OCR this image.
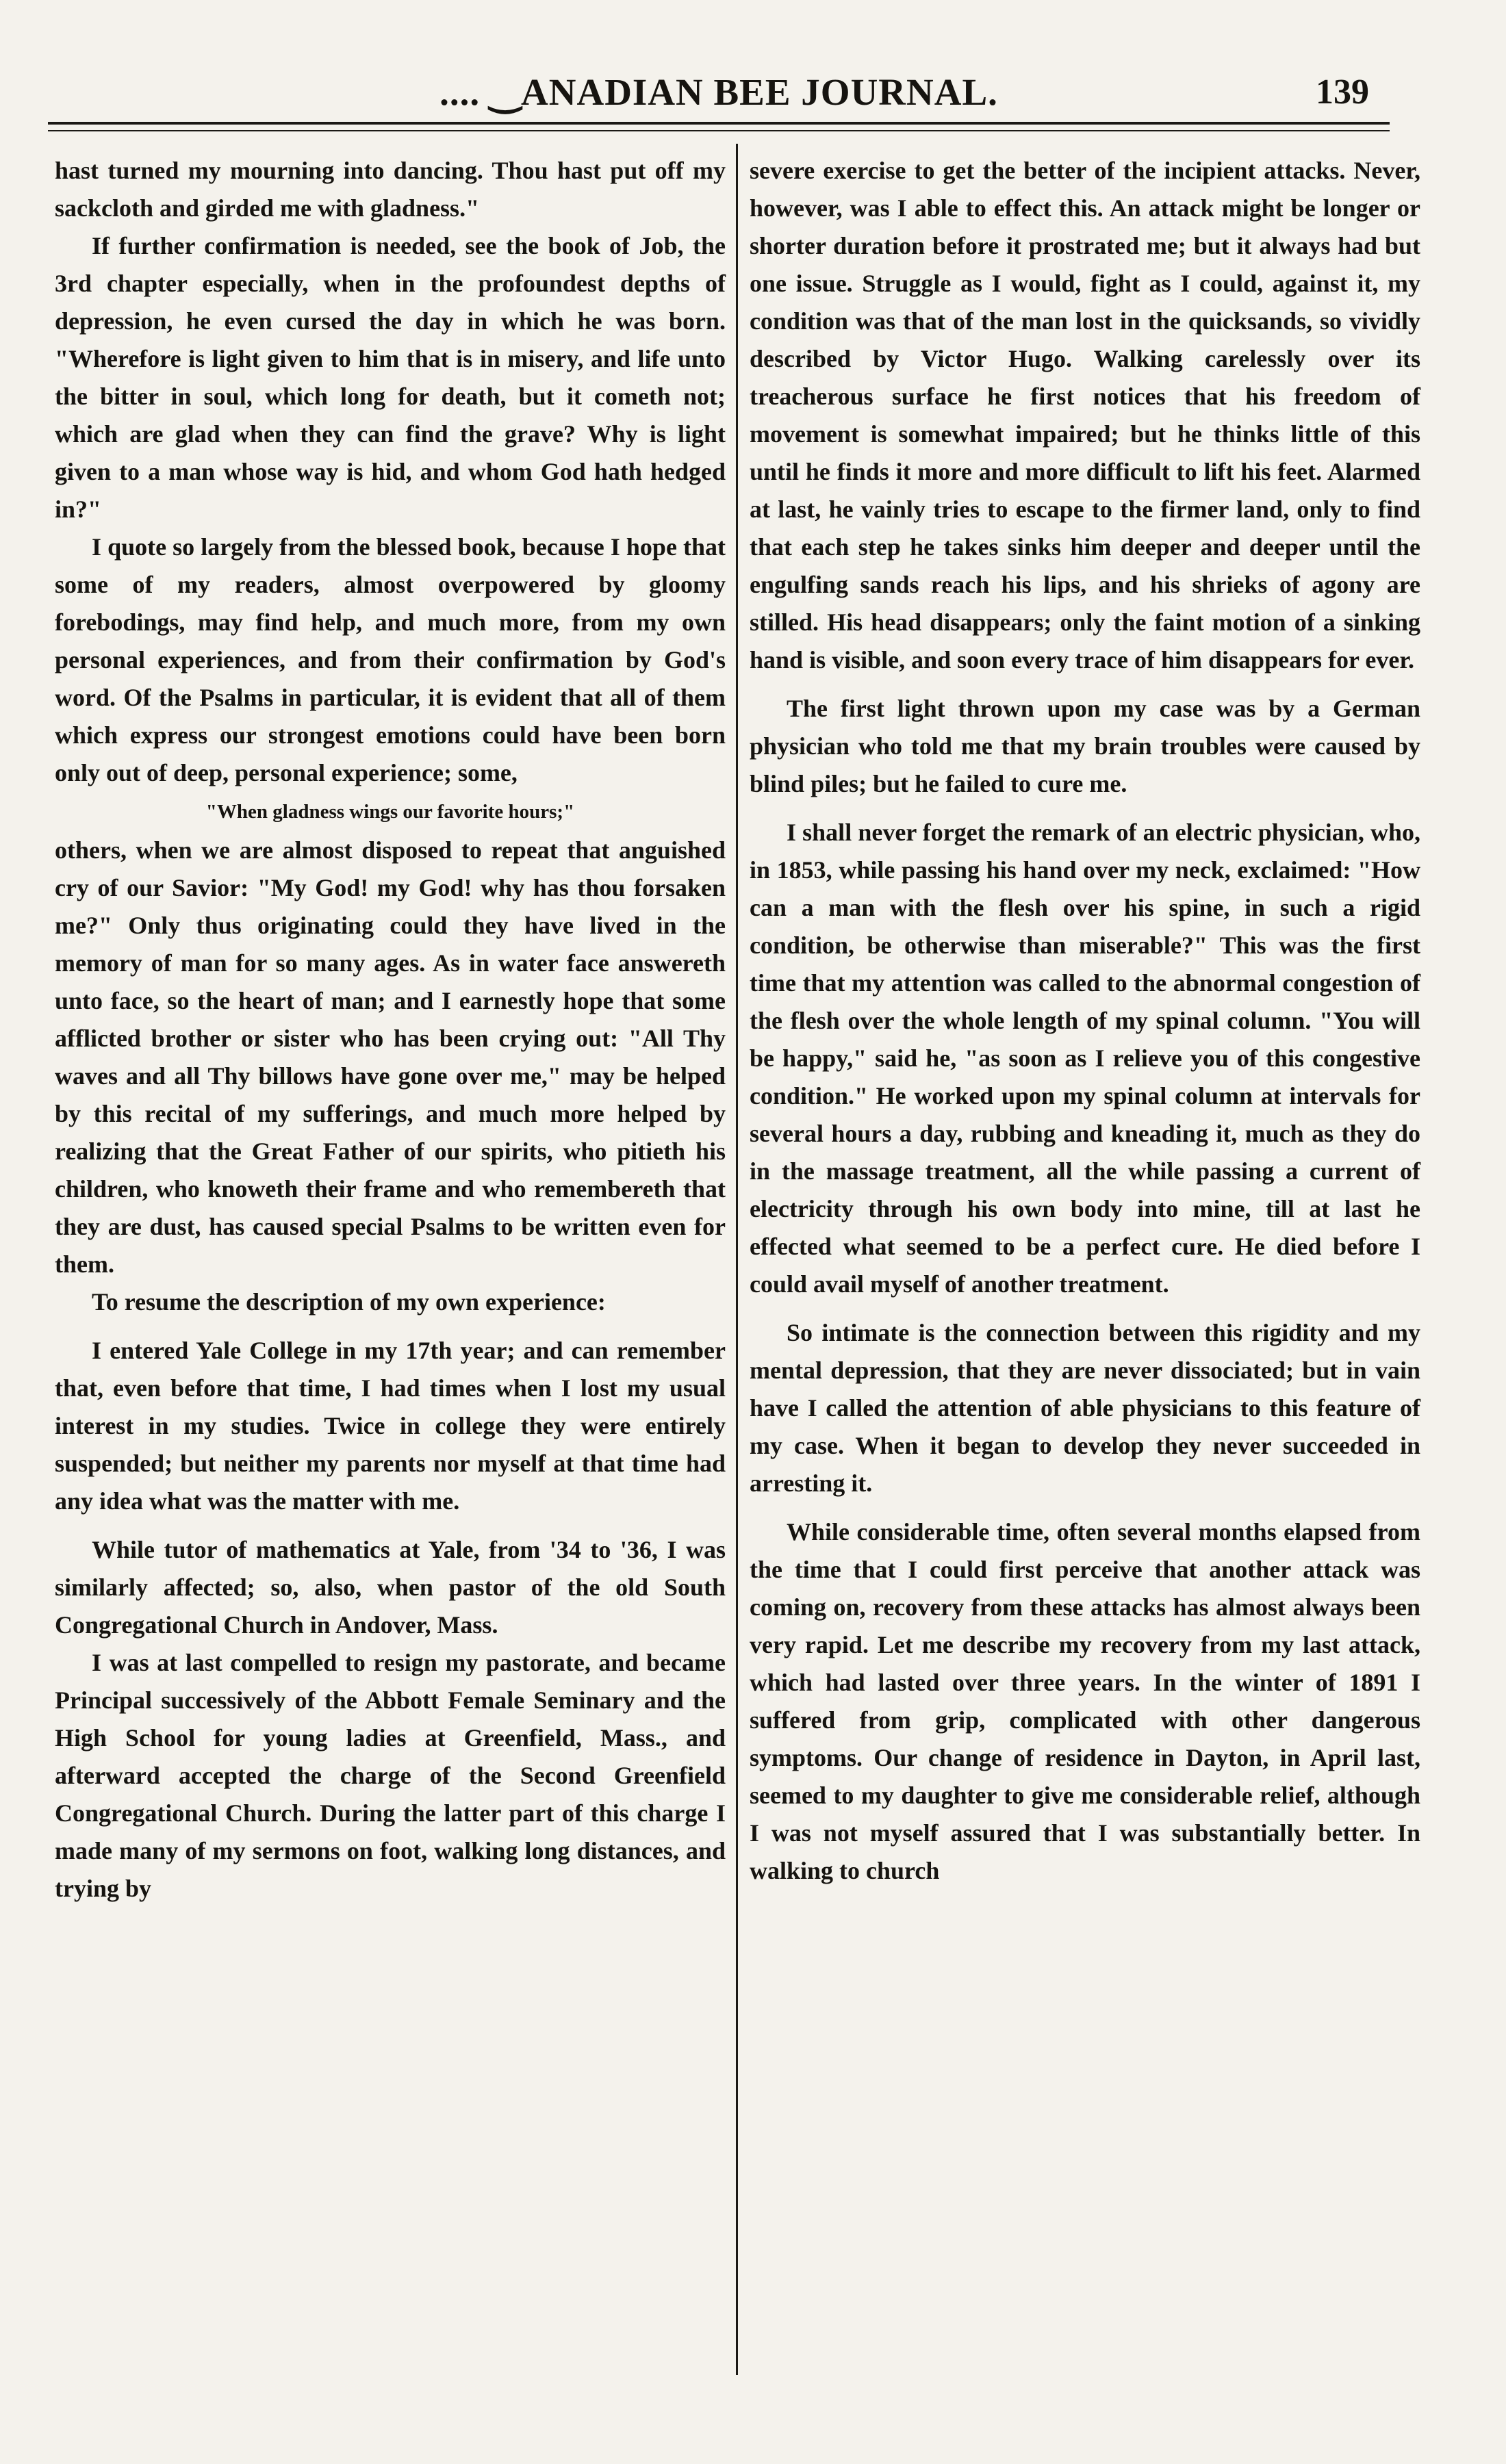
.... ‿ANADIAN BEE JOURNAL.	139

hast turned my mourning into dancing. Thou hast put off my sackcloth and girded me with gladness."

If further confirmation is needed, see the book of Job, the 3rd chapter especially, when in the profoundest depths of depression, he even cursed the day in which he was born. "Wherefore is light given to him that is in misery, and life unto the bitter in soul, which long for death, but it cometh not; which are glad when they can find the grave? Why is light given to a man whose way is hid, and whom God hath hedged in?"

I quote so largely from the blessed book, because I hope that some of my readers, almost overpowered by gloomy forebodings, may find help, and much more, from my own personal experiences, and from their confirmation by God's word. Of the Psalms in particular, it is evident that all of them which express our strongest emotions could have been born only out of deep, personal experience; some,

"When gladness wings our favorite hours;"

others, when we are almost disposed to repeat that anguished cry of our Savior: "My God! my God! why has thou forsaken me?" Only thus originating could they have lived in the memory of man for so many ages. As in water face answereth unto face, so the heart of man; and I earnestly hope that some afflicted brother or sister who has been crying out: "All Thy waves and all Thy billows have gone over me," may be helped by this recital of my sufferings, and much more helped by realizing that the Great Father of our spirits, who pitieth his children, who knoweth their frame and who remembereth that they are dust, has caused special Psalms to be written even for them.

To resume the description of my own experience:

I entered Yale College in my 17th year; and can remember that, even before that time, I had times when I lost my usual interest in my studies. Twice in college they were entirely suspended; but neither my parents nor myself at that time had any idea what was the matter with me.

While tutor of mathematics at Yale, from '34 to '36, I was similarly affected; so, also, when pastor of the old South Congregational Church in Andover, Mass.

I was at last compelled to resign my pastorate, and became Principal successively of the Abbott Female Seminary and the High School for young ladies at Greenfield, Mass., and afterward accepted the charge of the Second Greenfield Congregational Church. During the latter part of this charge I made many of my sermons on foot, walking long distances, and trying by

severe exercise to get the better of the incipient attacks. Never, however, was I able to effect this. An attack might be longer or shorter duration before it prostrated me; but it always had but one issue. Struggle as I would, fight as I could, against it, my condition was that of the man lost in the quicksands, so vividly described by Victor Hugo. Walking carelessly over its treacherous surface he first notices that his freedom of movement is somewhat impaired; but he thinks little of this until he finds it more and more difficult to lift his feet. Alarmed at last, he vainly tries to escape to the firmer land, only to find that each step he takes sinks him deeper and deeper until the engulfing sands reach his lips, and his shrieks of agony are stilled. His head disappears; only the faint motion of a sinking hand is visible, and soon every trace of him disappears for ever.

The first light thrown upon my case was by a German physician who told me that my brain troubles were caused by blind piles; but he failed to cure me.

I shall never forget the remark of an electric physician, who, in 1853, while passing his hand over my neck, exclaimed: "How can a man with the flesh over his spine, in such a rigid condition, be otherwise than miserable?" This was the first time that my attention was called to the abnormal congestion of the flesh over the whole length of my spinal column. "You will be happy," said he, "as soon as I relieve you of this congestive condition." He worked upon my spinal column at intervals for several hours a day, rubbing and kneading it, much as they do in the massage treatment, all the while passing a current of electricity through his own body into mine, till at last he effected what seemed to be a perfect cure. He died before I could avail myself of another treatment.

So intimate is the connection between this rigidity and my mental depression, that they are never dissociated; but in vain have I called the attention of able physicians to this feature of my case. When it began to develop they never succeeded in arresting it.

While considerable time, often several months elapsed from the time that I could first perceive that another attack was coming on, recovery from these attacks has almost always been very rapid. Let me describe my recovery from my last attack, which had lasted over three years. In the winter of 1891 I suffered from grip, complicated with other dangerous symptoms. Our change of residence in Dayton, in April last, seemed to my daughter to give me considerable relief, although I was not myself assured that I was substantially better. In walking to church
